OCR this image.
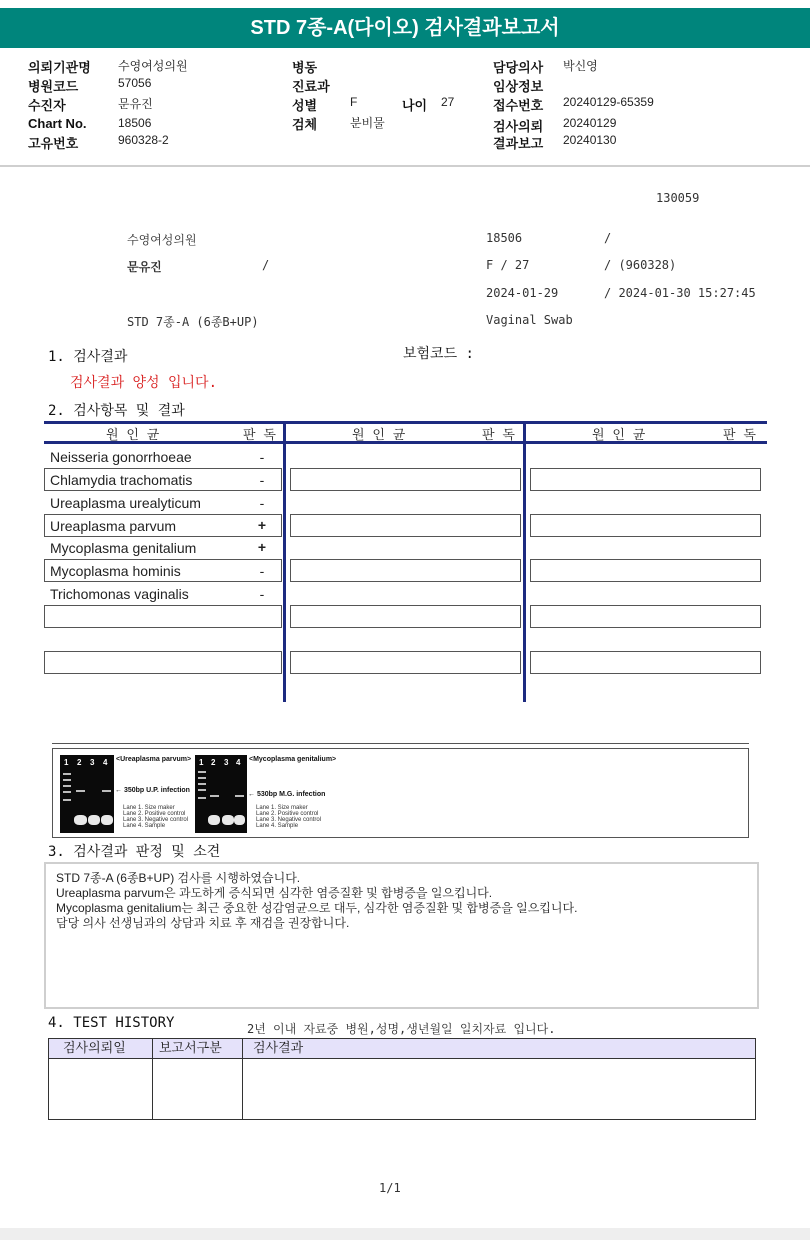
STD 7종-A(다이오) 검사결과보고서
의뢰기관명 수영여성의원
병원코드	57056
수진자	문유진
Chart No.	18506
고유번호	960328-2
병동
진료과
성별	F	나이 27
검체	분비물
담당의사 박신영
임상정보
접수번호 20240129-65359
검사의뢰 20240129
결과보고 20240130
130059
수영여성의원
문유진	/
18506	/
F / 27	/ (960328)
2024-01-29	/ 2024-01-30 15:27:45
STD 7종-A (6종B+UP)	Vaginal Swab
1. 검사결과	보험코드 :
검사결과 양성 입니다.
2. 검사항목 및 결과
원 인 균	판 독	원 인 균	판 독	원 인 균	판 독
Neisseria gonorrhoeae	-
Chlamydia trachomatis	-
Ureaplasma urealyticum	-
Ureaplasma parvum	+
Mycoplasma genitalium	+
Mycoplasma hominis	-
Trichomonas vaginalis	-
1 2 3 4 <Ureaplasma parvum>
← 350bp U.P. infection
Lane 1. Size maker
Lane 2. Positive control
Lane 3. Negative control
Lane 4. Sample
1 2 3 4 <Mycoplasma genitalium>
← 530bp M.G. infection
Lane 1. Size maker
Lane 2. Positive control
Lane 3. Negative control
Lane 4. Sample
3. 검사결과 판정 및 소견
STD 7종-A (6종B+UP) 검사를 시행하였습니다.
Ureaplasma parvum은 과도하게 증식되면 심각한 염증질환 및 합병증을 일으킵니다.
Mycoplasma genitalium는 최근 중요한 성감염균으로 대두, 심각한 염증질환 및 합병증을 일으킵니다.
담당 의사 선생님과의 상담과 치료 후 재검을 권장합니다.
4. TEST HISTORY	2년 이내 자료중 병원,성명,생년월일 일치자료 입니다.
검사의뢰일	보고서구분	검사결과
1/1
